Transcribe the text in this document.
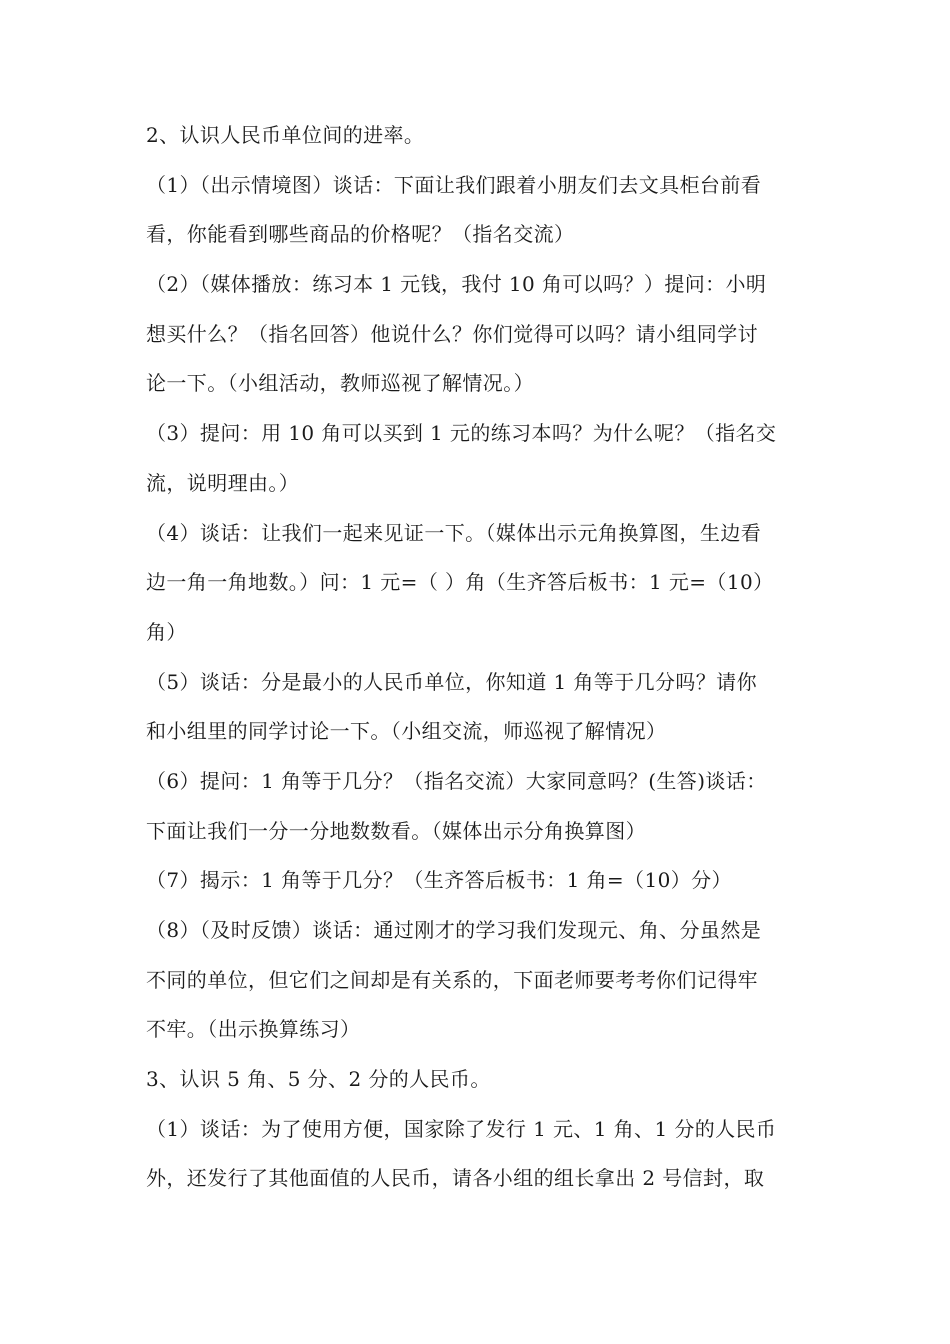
2、认识人民币单位间的进率。
（1）（出示情境图）谈话：下面让我们跟着小朋友们去文具柜台前看
看，你能看到哪些商品的价格呢？（指名交流）
（2）（媒体播放：练习本 1 元钱，我付 10 角可以吗？）提问：小明
想买什么？（指名回答）他说什么？你们觉得可以吗？请小组同学讨
论一下。（小组活动，教师巡视了解情况。）
（3）提问：用 10 角可以买到 1 元的练习本吗？为什么呢？（指名交
流，说明理由。）
（4）谈话：让我们一起来见证一下。（媒体出示元角换算图，生边看
边一角一角地数。）问：1 元=（ ）角（生齐答后板书：1 元=（10）
角）
（5）谈话：分是最小的人民币单位，你知道 1 角等于几分吗？请你
和小组里的同学讨论一下。（小组交流，师巡视了解情况）
（6）提问：1 角等于几分？（指名交流）大家同意吗？(生答)谈话：
下面让我们一分一分地数数看。（媒体出示分角换算图）
（7）揭示：1 角等于几分？（生齐答后板书：1 角=（10）分）
（8）（及时反馈）谈话：通过刚才的学习我们发现元、角、分虽然是
不同的单位，但它们之间却是有关系的，下面老师要考考你们记得牢
不牢。（出示换算练习）
3、认识 5 角、5 分、2 分的人民币。
（1）谈话：为了使用方便，国家除了发行 1 元、1 角、1 分的人民币
外，还发行了其他面值的人民币，请各小组的组长拿出 2 号信封，取
